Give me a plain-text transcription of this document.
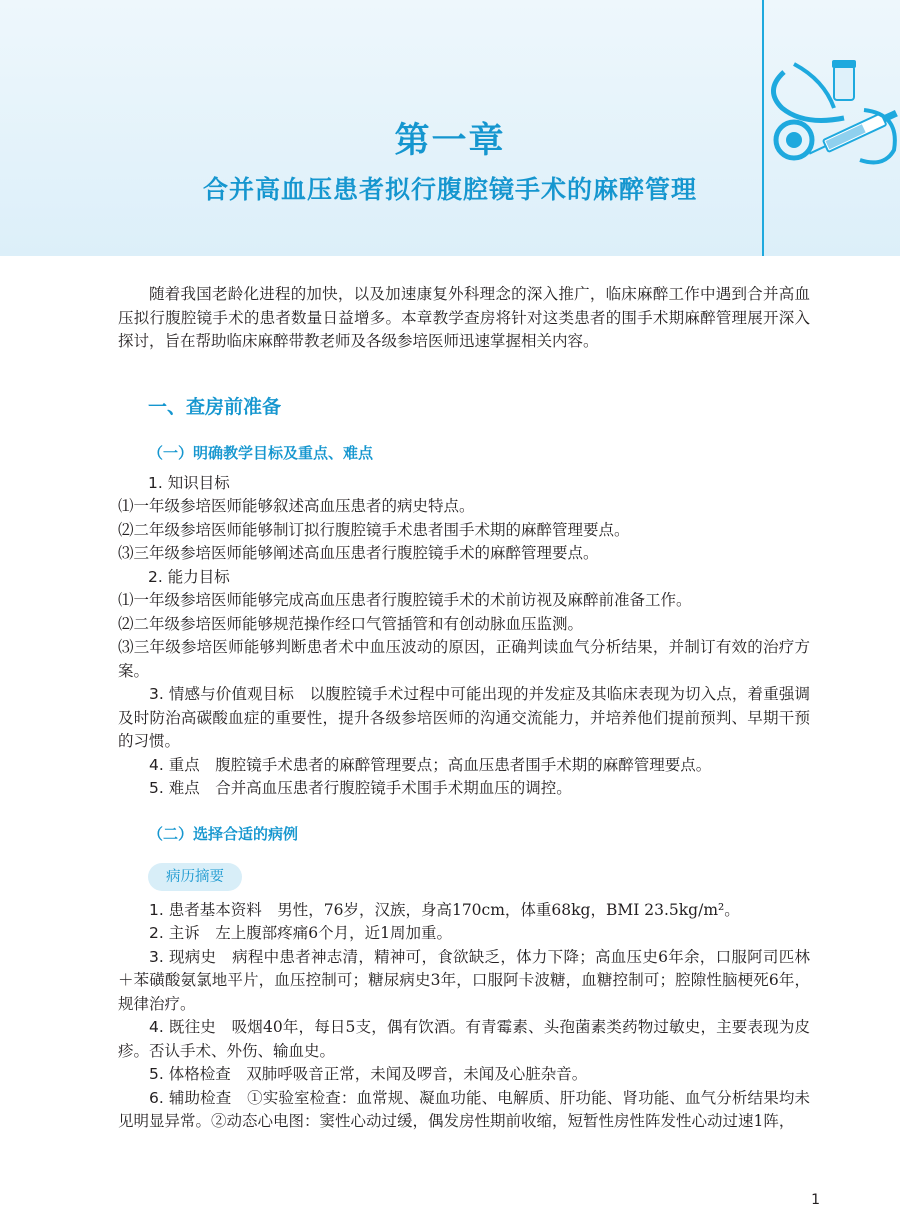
第一章
合并高血压患者拟行腹腔镜手术的麻醉管理

随着我国老龄化进程的加快，以及加速康复外科理念的深入推广，临床麻醉工作中遇到合并高血压拟行腹腔镜手术的患者数量日益增多。本章教学查房将针对这类患者的围手术期麻醉管理展开深入探讨，旨在帮助临床麻醉带教老师及各级参培医师迅速掌握相关内容。

一、查房前准备
（一）明确教学目标及重点、难点
1. 知识目标

⑴一年级参培医师能够叙述高血压患者的病史特点。

⑵二年级参培医师能够制订拟行腹腔镜手术患者围手术期的麻醉管理要点。

⑶三年级参培医师能够阐述高血压患者行腹腔镜手术的麻醉管理要点。

2. 能力目标

⑴一年级参培医师能够完成高血压患者行腹腔镜手术的术前访视及麻醉前准备工作。

⑵二年级参培医师能够规范操作经口气管插管和有创动脉血压监测。

⑶三年级参培医师能够判断患者术中血压波动的原因，正确判读血气分析结果，并制订有效的治疗方案。

3. 情感与价值观目标　 以腹腔镜手术过程中可能出现的并发症及其临床表现为切入点，着重强调及时防治高碳酸血症的重要性，提升各级参培医师的沟通交流能力，并培养他们提前预判、早期干预的习惯。

4. 重点　 腹腔镜手术患者的麻醉管理要点；高血压患者围手术期的麻醉管理要点。

5. 难点　 合并高血压患者行腹腔镜手术围手术期血压的调控。

（二）选择合适的病例
病历摘要

1. 患者基本资料　 男性，76岁，汉族，身高170cm，体重68kg，BMI 23.5kg/m²。

2. 主诉　 左上腹部疼痛6个月，近1周加重。

3. 现病史　 病程中患者神志清，精神可，食欲缺乏，体力下降；高血压史6年余，口服阿司匹林＋苯磺酸氨氯地平片，血压控制可；糖尿病史3年，口服阿卡波糖，血糖控制可；腔隙性脑梗死6年，规律治疗。

4. 既往史　 吸烟40年，每日5支，偶有饮酒。有青霉素、头孢菌素类药物过敏史，主要表现为皮疹。否认手术、外伤、输血史。

5. 体格检查　 双肺呼吸音正常，未闻及啰音，未闻及心脏杂音。

6. 辅助检查　 ①实验室检查：血常规、凝血功能、电解质、肝功能、肾功能、血气分析结果均未见明显异常。②动态心电图：窦性心动过缓，偶发房性期前收缩，短暂性房性阵发性心动过速1阵，

1
